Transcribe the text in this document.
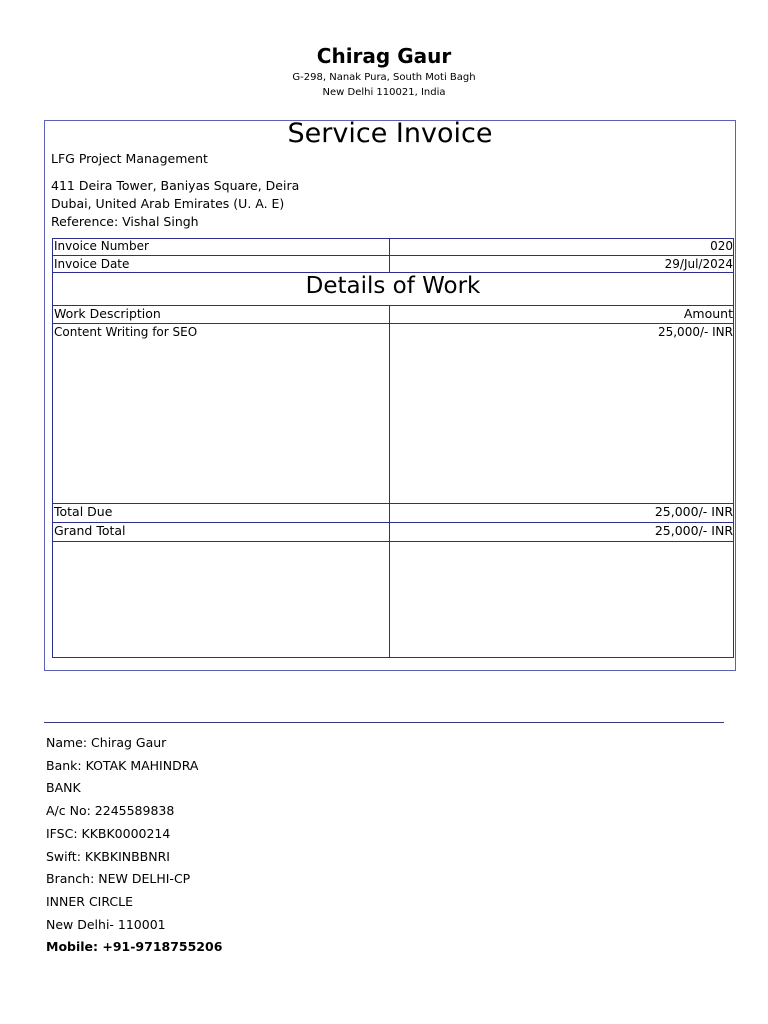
Chirag Gaur
G-298, Nanak Pura, South Moti Bagh
New Delhi 110021, India
Service Invoice
LFG Project Management
411 Deira Tower, Baniyas Square, Deira
Dubai, United Arab Emirates (U. A. E)
Reference: Vishal Singh
Invoice Number	020
Invoice Date	29/Jul/2024
Details of Work
Work Description	Amount
Content Writing for SEO	25,000/- INR
Total Due	25,000/- INR
Grand Total	25,000/- INR
Name: Chirag Gaur
Bank: KOTAK MAHINDRA
BANK
A/c No: 2245589838
IFSC: KKBK0000214
Swift: KKBKINBBNRI
Branch: NEW DELHI-CP
INNER CIRCLE
New Delhi- 110001
Mobile: +91-9718755206
